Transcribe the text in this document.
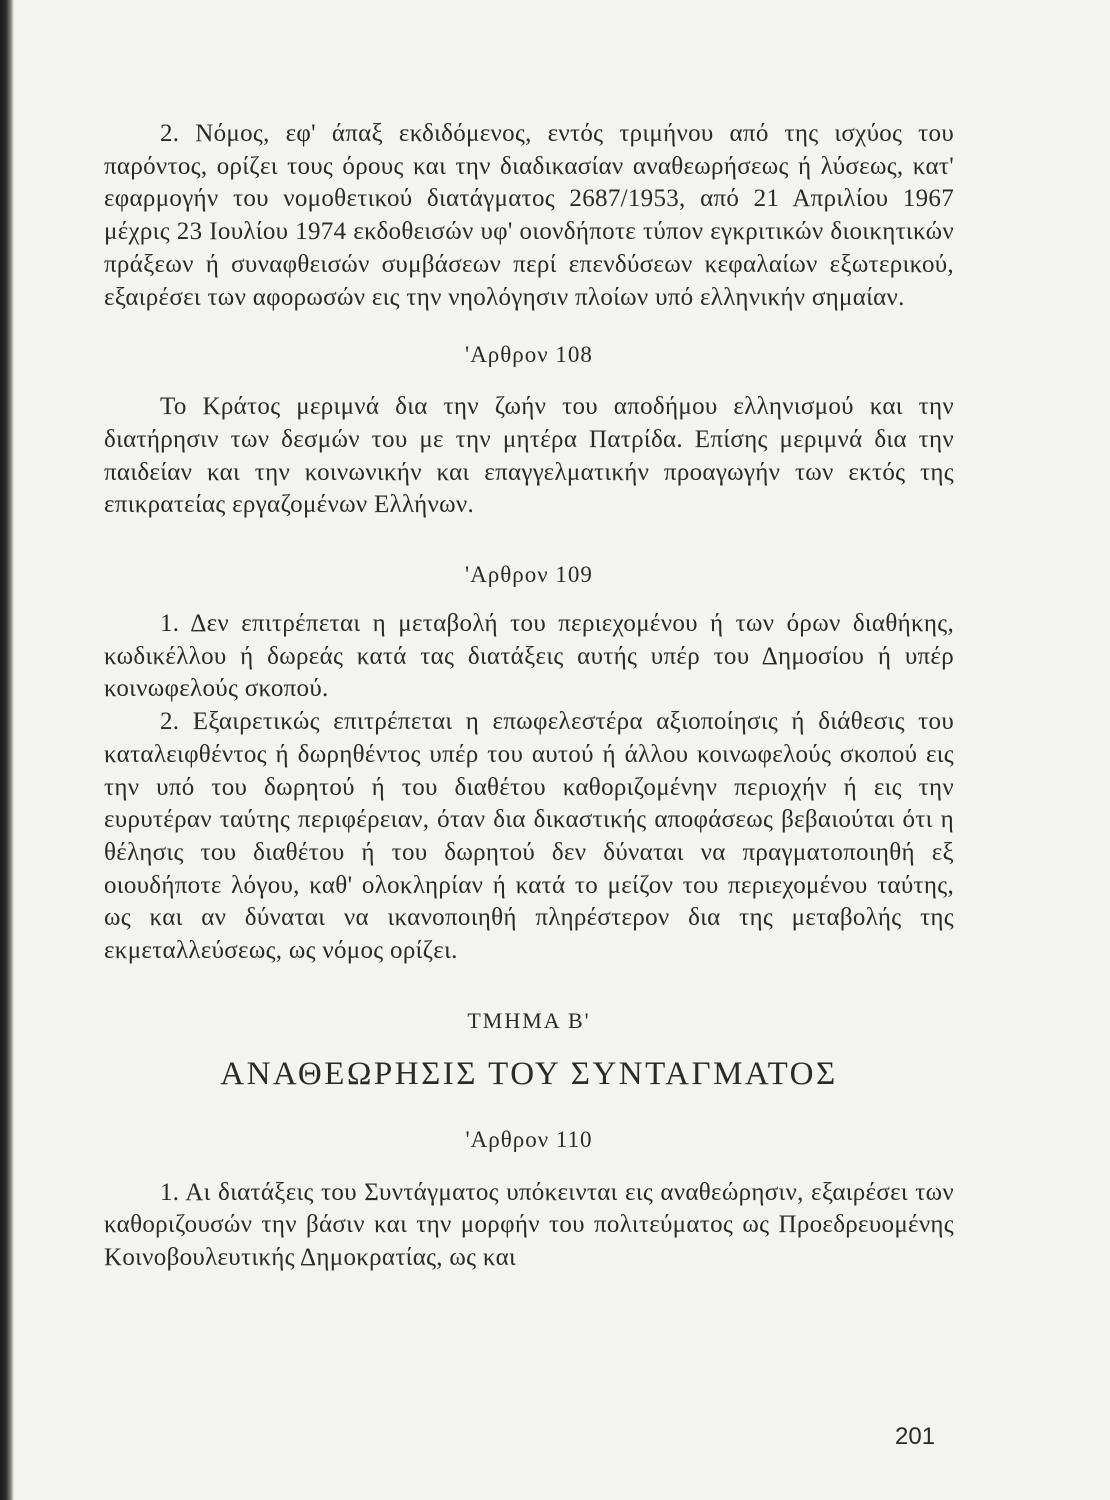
2. Νόμος, εφ' άπαξ εκδιδόμενος, εντός τριμήνου από της ισχύος του παρόντος, ορίζει τους όρους και την διαδικασίαν αναθεωρήσεως ή λύσεως, κατ' εφαρμογήν του νομοθετικού διατάγματος 2687/1953, από 21 Απριλίου 1967 μέχρις 23 Ιουλίου 1974 εκδοθεισών υφ' οιονδήποτε τύπον εγκριτικών διοικητικών πράξεων ή συναφθεισών συμβάσεων περί επενδύσεων κεφαλαίων εξωτερικού, εξαιρέσει των αφορωσών εις την νηολόγησιν πλοίων υπό ελληνικήν σημαίαν.

'Αρθρον 108

Το Κράτος μεριμνά δια την ζωήν του αποδήμου ελληνισμού και την διατήρησιν των δεσμών του με την μητέρα Πατρίδα. Επίσης μεριμνά δια την παιδείαν και την κοινωνικήν και επαγγελματικήν προαγωγήν των εκτός της επικρατείας εργαζομένων Ελλήνων.

'Αρθρον 109

1. Δεν επιτρέπεται η μεταβολή του περιεχομένου ή των όρων διαθήκης, κωδικέλλου ή δωρεάς κατά τας διατάξεις αυτής υπέρ του Δημοσίου ή υπέρ κοινωφελούς σκοπού.

2. Εξαιρετικώς επιτρέπεται η επωφελεστέρα αξιοποίησις ή διάθεσις του καταλειφθέντος ή δωρηθέντος υπέρ του αυτού ή άλλου κοινωφελούς σκοπού εις την υπό του δωρητού ή του διαθέτου καθοριζομένην περιοχήν ή εις την ευρυτέραν ταύτης περιφέρειαν, όταν δια δικαστικής αποφάσεως βεβαιούται ότι η θέλησις του διαθέτου ή του δωρητού δεν δύναται να πραγματοποιηθή εξ οιουδήποτε λόγου, καθ' ολοκληρίαν ή κατά το μείζον του περιεχομένου ταύτης, ως και αν δύναται να ικανοποιηθή πληρέστερον δια της μεταβολής της εκμεταλλεύσεως, ως νόμος ορίζει.

ΤΜΗΜΑ Β'
ΑΝΑΘΕΩΡΗΣΙΣ ΤΟΥ ΣΥΝΤΑΓΜΑΤΟΣ
'Αρθρον 110

1. Αι διατάξεις του Συντάγματος υπόκεινται εις αναθεώρησιν, εξαιρέσει των καθοριζουσών την βάσιν και την μορφήν του πολιτεύματος ως Προεδρευομένης Κοινοβουλευτικής Δημοκρατίας, ως και

201
